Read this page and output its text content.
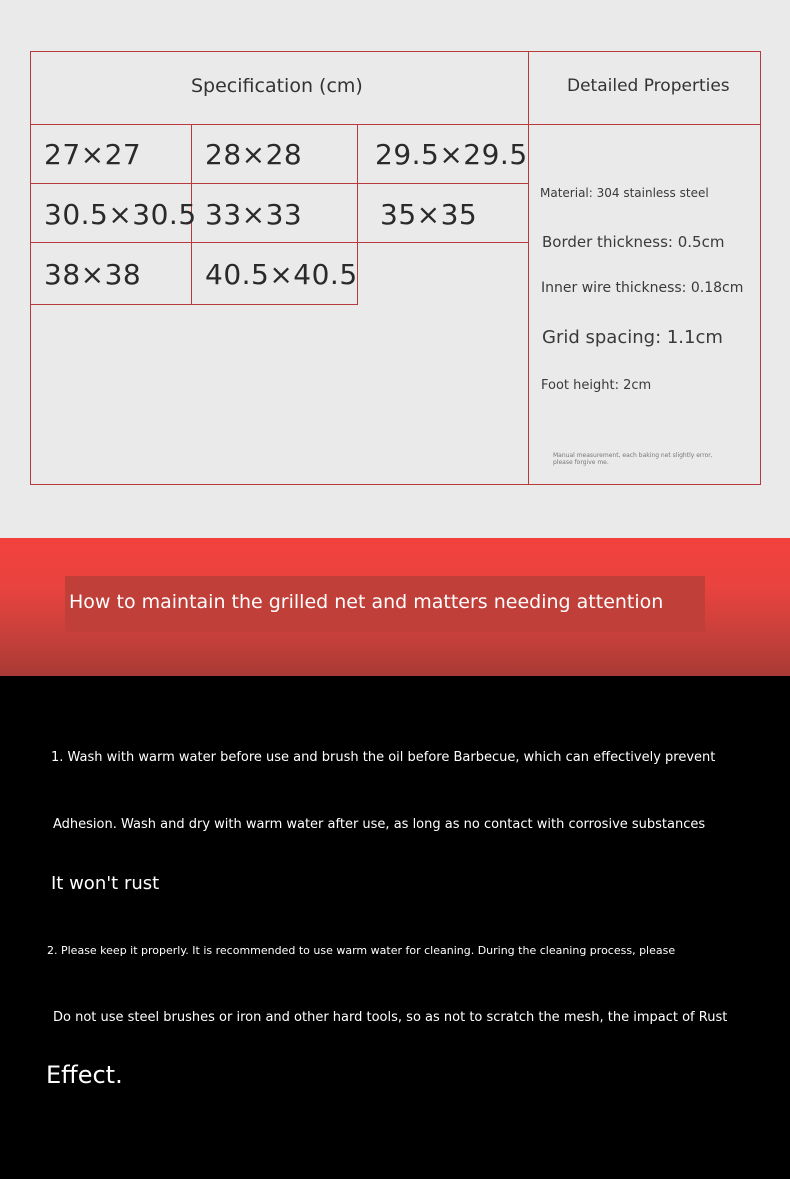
Specification (cm)	Detailed Properties
27×27 28×28	29.5×29.5
30.5×30.5 33×33	35×35
38×38 40.5×40.5
Material: 304 stainless steel
Border thickness: 0.5cm
Inner wire thickness: 0.18cm
Grid spacing: 1.1cm
Foot height: 2cm
Manual measurement, each baking net slightly error, please forgive me.
How to maintain the grilled net and matters needing attention
1. Wash with warm water before use and brush the oil before Barbecue, which can effectively prevent
Adhesion. Wash and dry with warm water after use, as long as no contact with corrosive substances
It won't rust
2. Please keep it properly. It is recommended to use warm water for cleaning. During the cleaning process, please
Do not use steel brushes or iron and other hard tools, so as not to scratch the mesh, the impact of Rust
Effect.
